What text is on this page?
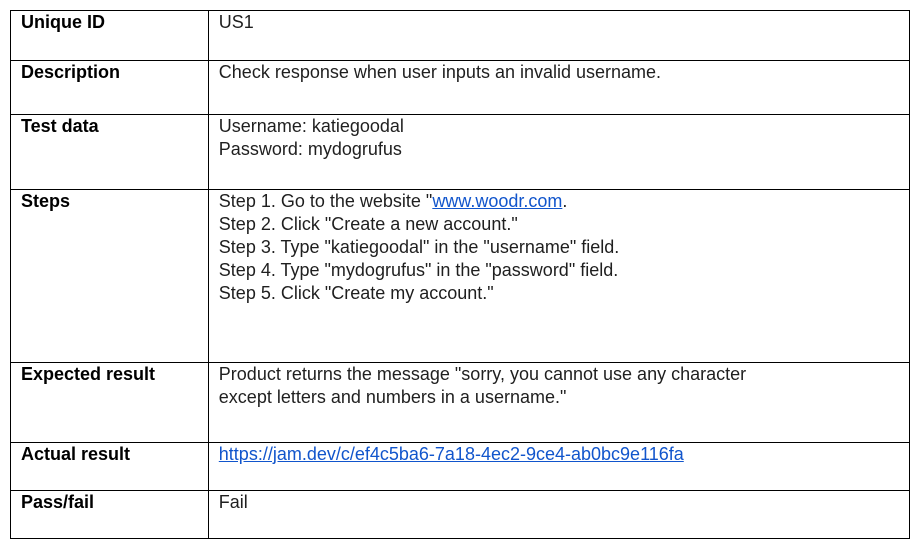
Unique ID	US1
Description	Check response when user inputs an invalid username.
Test data	Username: katiegoodal
Password: mydogrufus

Steps	Step 1. Go to the website "www.woodr.com.
Step 2. Click "Create a new account."
Step 3. Type "katiegoodal" in the "username" field.
Step 4. Type "mydogrufus" in the "password" field.
Step 5. Click "Create my account."

Expected result	Product returns the message "sorry, you cannot use any character
except letters and numbers in a username."

Actual result	https://jam.dev/c/ef4c5ba6-7a18-4ec2-9ce4-ab0bc9e116fa
Pass/fail	Fail
